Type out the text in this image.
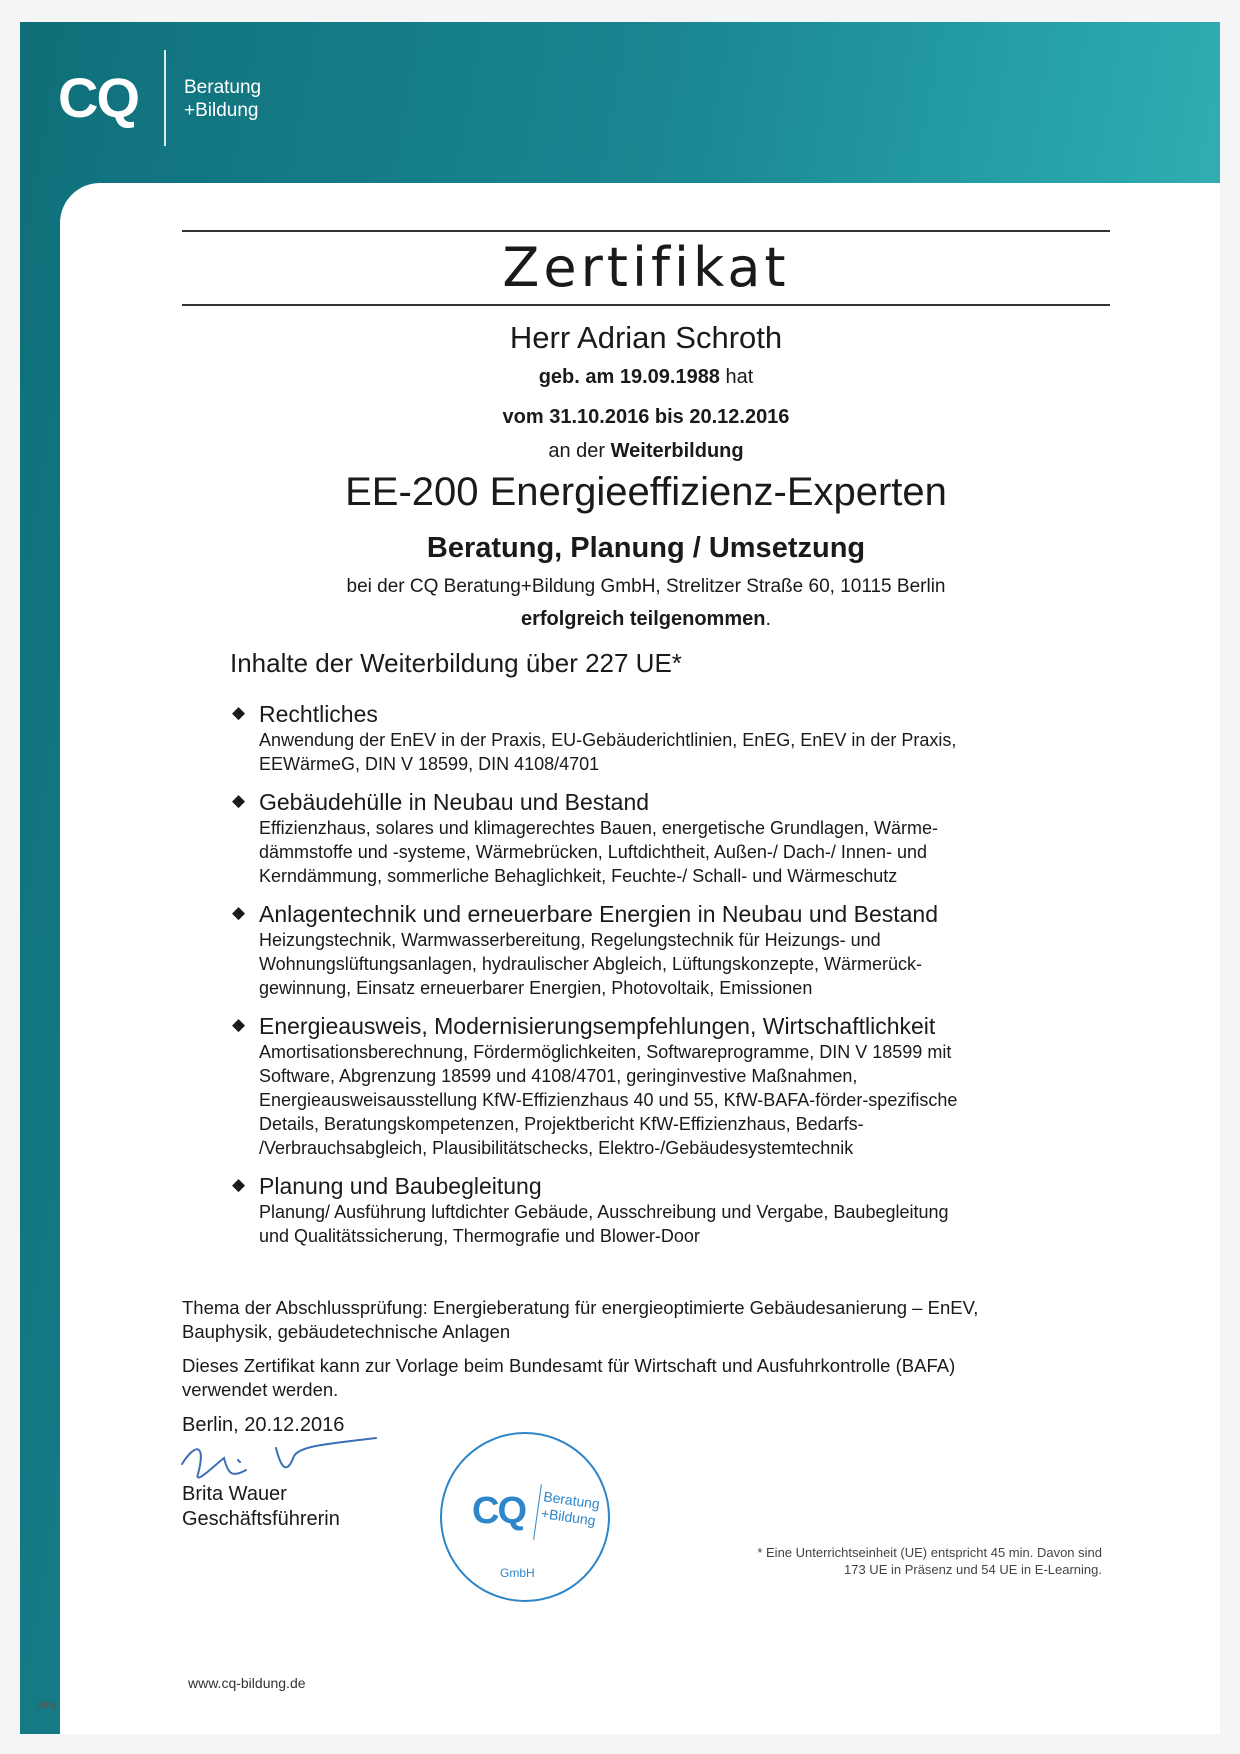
CQ Beratung
+Bildung
Zertifikat
Herr Adrian Schroth
geb. am 19.09.1988 hat
vom 31.10.2016 bis 20.12.2016
an der Weiterbildung
EE-200 Energieeffizienz-Experten
Beratung, Planung / Umsetzung
bei der CQ Beratung+Bildung GmbH, Strelitzer Straße 60, 10115 Berlin
erfolgreich teilgenommen.
Inhalte der Weiterbildung über 227 UE*
◆ Rechtliches
Anwendung der EnEV in der Praxis, EU-Gebäuderichtlinien, EnEG, EnEV in der Praxis,
EEWärmeG, DIN V 18599, DIN 4108/4701
◆ Gebäudehülle in Neubau und Bestand
Effizienzhaus, solares und klimagerechtes Bauen, energetische Grundlagen, Wärme-
dämmstoffe und -systeme, Wärmebrücken, Luftdichtheit, Außen-/ Dach-/ Innen- und
Kerndämmung, sommerliche Behaglichkeit, Feuchte-/ Schall- und Wärmeschutz
◆ Anlagentechnik und erneuerbare Energien in Neubau und Bestand
Heizungstechnik, Warmwasserbereitung, Regelungstechnik für Heizungs- und
Wohnungslüftungsanlagen, hydraulischer Abgleich, Lüftungskonzepte, Wärmerück-
gewinnung, Einsatz erneuerbarer Energien, Photovoltaik, Emissionen
◆ Energieausweis, Modernisierungsempfehlungen, Wirtschaftlichkeit
Amortisationsberechnung, Fördermöglichkeiten, Softwareprogramme, DIN V 18599 mit
Software, Abgrenzung 18599 und 4108/4701, geringinvestive Maßnahmen,
Energieausweisausstellung KfW-Effizienzhaus 40 und 55, KfW-BAFA-förder-spezifische
Details, Beratungskompetenzen, Projektbericht KfW-Effizienzhaus, Bedarfs-
/Verbrauchsabgleich, Plausibilitätschecks, Elektro-/Gebäudesystemtechnik
◆ Planung und Baubegleitung
Planung/ Ausführung luftdichter Gebäude, Ausschreibung und Vergabe, Baubegleitung
und Qualitätssicherung, Thermografie und Blower-Door
Thema der Abschlussprüfung: Energieberatung für energieoptimierte Gebäudesanierung – EnEV,
Bauphysik, gebäudetechnische Anlagen
Dieses Zertifikat kann zur Vorlage beim Bundesamt für Wirtschaft und Ausfuhrkontrolle (BAFA)
verwendet werden.
Berlin, 20.12.2016
Brita Wauer
Geschäftsführerin	CQ Beratung
+Bildung
GmbH
* Eine Unterrichtseinheit (UE) entspricht 45 min. Davon sind
173 UE in Präsenz und 54 UE in E-Learning.
www.cq-bildung.de
blog
